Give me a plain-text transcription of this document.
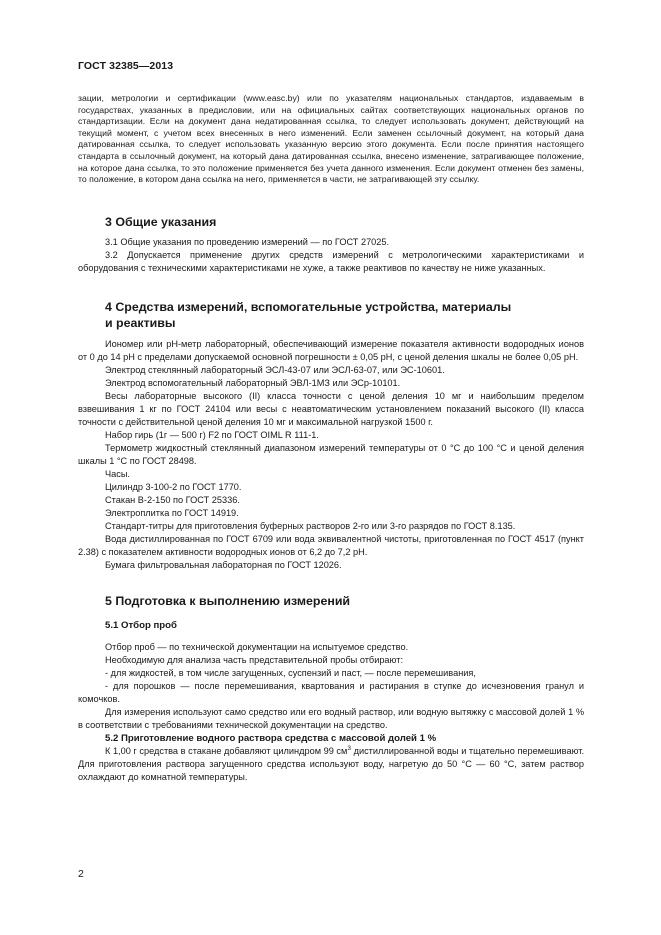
ГОСТ 32385—2013

зации, метрологии и сертификации (www.easc.by) или по указателям национальных стандартов, издаваемым в государствах, указанных в предисловии, или на официальных сайтах соответствующих национальных органов по стандартизации. Если на документ дана недатированная ссылка, то следует использовать документ, действующий на текущий момент, с учетом всех внесенных в него изменений. Если заменен ссылочный документ, на который дана датированная ссылка, то следует использовать указанную версию этого документа. Если после принятия настоящего стандарта в ссылочный документ, на который дана датированная ссылка, внесено изменение, затрагивающее положение, на которое дана ссылка, то это положение применяется без учета данного изменения. Если документ отменен без замены, то положение, в котором дана ссылка на него, применяется в части, не затрагивающей эту ссылку.

3 Общие указания

3.1 Общие указания по проведению измерений — по ГОСТ 27025.

3.2 Допускается применение других средств измерений с метрологическими характеристиками и оборудования с техническими характеристиками не хуже, а также реактивов по качеству не ниже указанных.

4 Средства измерений, вспомогательные устройства, материалы
и реактивы

Иономер или pH-метр лабораторный, обеспечивающий измерение показателя активности водородных ионов от 0 до 14 pH с пределами допускаемой основной погрешности ± 0,05 pH, с ценой деления шкалы не более 0,05 pH.

Электрод стеклянный лабораторный ЭСЛ-43-07 или ЭСЛ-63-07, или ЭС-10601.

Электрод вспомогательный лабораторный ЭВЛ-1МЗ или ЭСр-10101.

Весы лабораторные высокого (II) класса точности с ценой деления 10 мг и наибольшим пределом взвешивания 1 кг по ГОСТ 24104 или весы с неавтоматическим установлением показаний высокого (II) класса точности с действительной ценой деления 10 мг и максимальной нагрузкой 1500 г.

Набор гирь (1г — 500 г) F2 по ГОСТ OIML R 111-1.

Термометр жидкостный стеклянный диапазоном измерений температуры от 0 °С до 100 °С и ценой деления шкалы 1 °С по ГОСТ 28498.

Часы.

Цилиндр 3-100-2 по ГОСТ 1770.

Стакан В-2-150 по ГОСТ 25336.

Электроплитка по ГОСТ 14919.

Стандарт-титры для приготовления буферных растворов 2-го или 3-го разрядов по ГОСТ 8.135.

Вода дистиллированная по ГОСТ 6709 или вода эквивалентной чистоты, приготовленная по ГОСТ 4517 (пункт 2.38) с показателем активности водородных ионов от 6,2 до 7,2 pH.

Бумага фильтровальная лабораторная по ГОСТ 12026.

5 Подготовка к выполнению измерений
5.1 Отбор проб

Отбор проб — по технической документации на испытуемое средство.

Необходимую для анализа часть представительной пробы отбирают:

- для жидкостей, в том числе загущенных, суспензий и паст, — после перемешивания,

- для порошков — после перемешивания, квартования и растирания в ступке до исчезновения гранул и комочков.

Для измерения используют само средство или его водный раствор, или водную вытяжку с массовой долей 1 % в соответствии с требованиями технической документации на средство.

5.2 Приготовление водного раствора средства с массовой долей 1 %

К 1,00 г средства в стакане добавляют цилиндром 99 $см^3$ дистиллированной воды и тщательно перемешивают. Для приготовления раствора загущенного средства используют воду, нагретую до 50 °С — 60 °С, затем раствор охлаждают до комнатной температуры.

2
